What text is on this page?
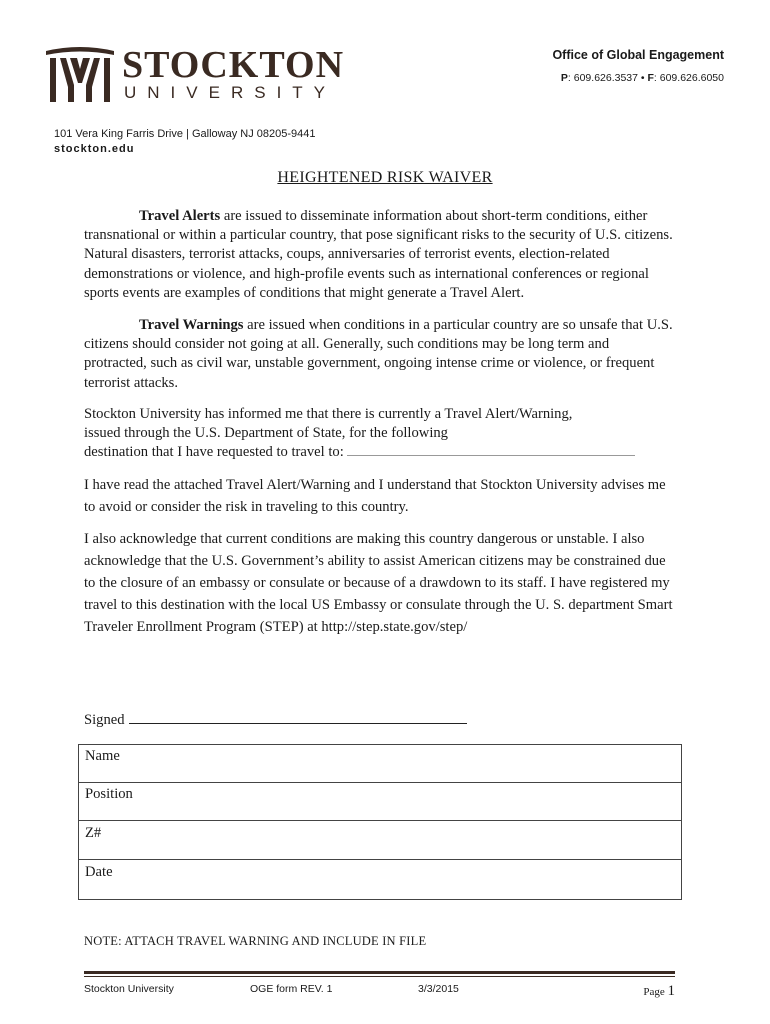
STOCKTON
UNIVERSITY
Office of Global Engagement
P: 609.626.3537 • F: 609.626.6050
101 Vera King Farris Drive | Galloway NJ 08205-9441
stockton.edu
HEIGHTENED RISK WAIVER

Travel Alerts are issued to disseminate information about short-term conditions, either transnational or within a particular country, that pose significant risks to the security of U.S. citizens. Natural disasters, terrorist attacks, coups, anniversaries of terrorist events, election-related demonstrations or violence, and high-profile events such as international conferences or regional sports events are examples of conditions that might generate a Travel Alert.

Travel Warnings are issued when conditions in a particular country are so unsafe that U.S. citizens should consider not going at all. Generally, such conditions may be long term and protracted, such as civil war, unstable government, ongoing intense crime or violence, or frequent terrorist attacks.

Stockton University has informed me that there is currently a Travel Alert/Warning,
issued through the U.S. Department of State, for the following
destination that I have requested to travel to:

I have read the attached Travel Alert/Warning and I understand that Stockton University advises me to avoid or consider the risk in traveling to this country.

I also acknowledge that current conditions are making this country dangerous or unstable. I also acknowledge that the U.S. Government’s ability to assist American citizens may be constrained due to the closure of an embassy or consulate or because of a drawdown to its staff. I have registered my travel to this destination with the local US Embassy or consulate through the U. S. department Smart Traveler Enrollment Program (STEP) at http://step.state.gov/step/

Signed
Name
Position
Z#
Date
NOTE: ATTACH TRAVEL WARNING AND INCLUDE IN FILE
Stockton University	OGE form REV. 1	3/3/2015	Page 1
